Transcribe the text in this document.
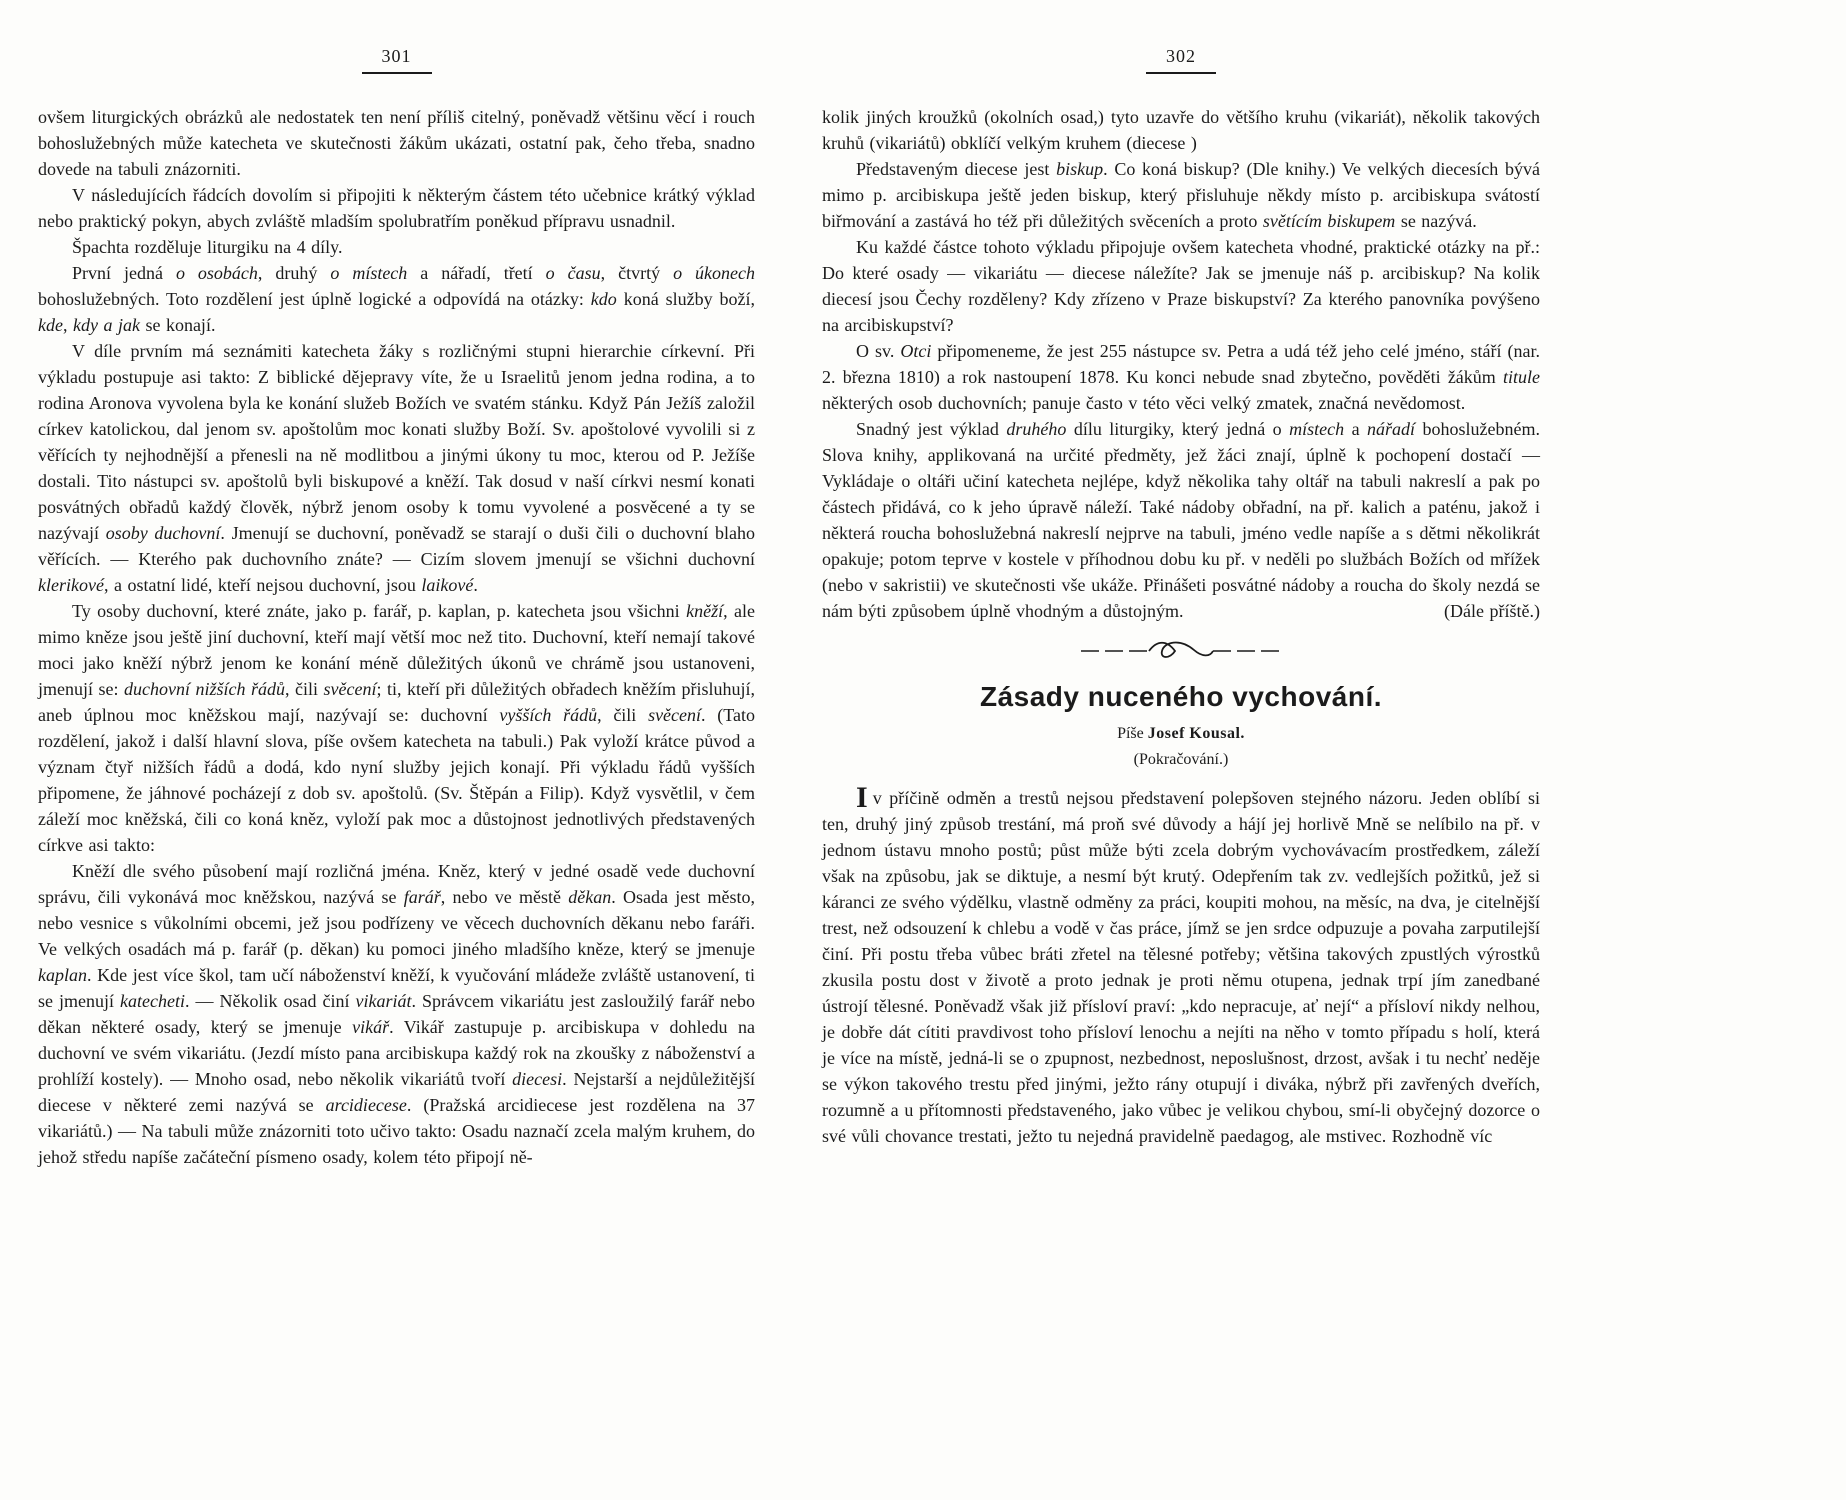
301

ovšem liturgických obrázků ale nedostatek ten není příliš citelný, poněvadž většinu věcí i rouch bohoslužebných může katecheta ve skutečnosti žákům ukázati, ostatní pak, čeho třeba, snadno dovede na tabuli znázorniti.

V následujících řádcích dovolím si připojiti k některým částem této učebnice krátký výklad nebo praktický pokyn, abych zvláště mladším spolubratřím poněkud přípravu usnadnil.

Špachta rozděluje liturgiku na 4 díly.

První jedná o osobách, druhý o místech a nářadí, třetí o času, čtvrtý o úkonech bohoslužebných. Toto rozdělení jest úplně logické a odpovídá na otázky: kdo koná služby boží, kde, kdy a jak se konají.

V díle prvním má seznámiti katecheta žáky s rozličnými stupni hierarchie církevní. Při výkladu postupuje asi takto: Z biblické dějepravy víte, že u Israelitů jenom jedna rodina, a to rodina Aronova vyvolena byla ke konání služeb Božích ve svatém stánku. Když Pán Ježíš založil církev katolickou, dal jenom sv. apoštolům moc konati služby Boží. Sv. apoštolové vyvolili si z věřících ty nejhodnější a přenesli na ně modlitbou a jinými úkony tu moc, kterou od P. Ježíše dostali. Tito nástupci sv. apoštolů byli biskupové a kněží. Tak dosud v naší církvi nesmí konati posvátných obřadů každý člověk, nýbrž jenom osoby k tomu vyvolené a posvěcené a ty se nazývají osoby duchovní. Jmenují se duchovní, poněvadž se starají o duši čili o duchovní blaho věřících. — Kterého pak duchovního znáte? — Cizím slovem jmenují se všichni duchovní klerikové, a ostatní lidé, kteří nejsou duchovní, jsou laikové.

Ty osoby duchovní, které znáte, jako p. farář, p. kaplan, p. katecheta jsou všichni kněží, ale mimo kněze jsou ještě jiní duchovní, kteří mají větší moc než tito. Duchovní, kteří nemají takové moci jako kněží nýbrž jenom ke konání méně důležitých úkonů ve chrámě jsou ustanoveni, jmenují se: duchovní nižších řádů, čili svěcení; ti, kteří při důležitých obřadech kněžím přisluhují, aneb úplnou moc kněžskou mají, nazývají se: duchovní vyšších řádů, čili svěcení. (Tato rozdělení, jakož i další hlavní slova, píše ovšem katecheta na tabuli.) Pak vyloží krátce původ a význam čtyř nižších řádů a dodá, kdo nyní služby jejich konají. Při výkladu řádů vyšších připomene, že jáhnové pocházejí z dob sv. apoštolů. (Sv. Štěpán a Filip). Když vysvětlil, v čem záleží moc kněžská, čili co koná kněz, vyloží pak moc a důstojnost jednotlivých představených církve asi takto:

Kněží dle svého působení mají rozličná jména. Kněz, který v jedné osadě vede duchovní správu, čili vykonává moc kněžskou, nazývá se farář, nebo ve městě děkan. Osada jest město, nebo vesnice s vůkolními obcemi, jež jsou podřízeny ve věcech duchovních děkanu nebo faráři. Ve velkých osadách má p. farář (p. děkan) ku pomoci jiného mladšího kněze, který se jmenuje kaplan. Kde jest více škol, tam učí náboženství kněží, k vyučování mládeže zvláště ustanovení, ti se jmenují katecheti. — Několik osad činí vikariát. Správcem vikariátu jest zasloužilý farář nebo děkan některé osady, který se jmenuje vikář. Vikář zastupuje p. arcibiskupa v dohledu na duchovní ve svém vikariátu. (Jezdí místo pana arcibiskupa každý rok na zkoušky z náboženství a prohlíží kostely). — Mnoho osad, nebo několik vikariátů tvoří diecesi. Nejstarší a nejdůležitější diecese v některé zemi nazývá se arcidiecese. (Pražská arcidiecese jest rozdělena na 37 vikariátů.) — Na tabuli může znázorniti toto učivo takto: Osadu naznačí zcela malým kruhem, do jehož středu napíše začáteční písmeno osady, kolem této připojí ně-

302

kolik jiných kroužků (okolních osad,) tyto uzavře do většího kruhu (vikariát), několik takových kruhů (vikariátů) obklíčí velkým kruhem (diecese )

Představeným diecese jest biskup. Co koná biskup? (Dle knihy.) Ve velkých diecesích bývá mimo p. arcibiskupa ještě jeden biskup, který přisluhuje někdy místo p. arcibiskupa svátostí biřmování a zastává ho též při důležitých svěceních a proto světícím biskupem se nazývá.

Ku každé částce tohoto výkladu připojuje ovšem katecheta vhodné, praktické otázky na př.: Do které osady — vikariátu — diecese náležíte? Jak se jmenuje náš p. arcibiskup? Na kolik diecesí jsou Čechy rozděleny? Kdy zřízeno v Praze biskupství? Za kterého panovníka povýšeno na arcibiskupství?

O sv. Otci připomeneme, že jest 255 nástupce sv. Petra a udá též jeho celé jméno, stáří (nar. 2. března 1810) a rok nastoupení 1878. Ku konci nebude snad zbytečno, pověděti žákům titule některých osob duchovních; panuje často v této věci velký zmatek, značná nevědomost.

Snadný jest výklad druhého dílu liturgiky, který jedná o místech a nářadí bohoslužebném. Slova knihy, applikovaná na určité předměty, jež žáci znají, úplně k pochopení dostačí — Vykládaje o oltáři učiní katecheta nejlépe, když několika tahy oltář na tabuli nakreslí a pak po částech přidává, co k jeho úpravě náleží. Také nádoby obřadní, na př. kalich a paténu, jakož i některá roucha bohoslužebná nakreslí nejprve na tabuli, jméno vedle napíše a s dětmi několikrát opakuje; potom teprve v kostele v příhodnou dobu ku př. v neděli po službách Božích od mřížek (nebo v sakristii) ve skutečnosti vše ukáže. Přinášeti posvátné nádoby a roucha do školy nezdá se nám býti způsobem úplně vhodným a důstojným.	(Dále příště.)

Zásady nuceného vychování.
Píše Josef Kousal.
(Pokračování.)

Iv příčině odměn a trestů nejsou představení polepšoven stejného názoru. Jeden oblíbí si ten, druhý jiný způsob trestání, má proň své důvody a hájí jej horlivě Mně se nelíbilo na př. v jednom ústavu mnoho postů; půst může býti zcela dobrým vychovávacím prostředkem, záleží však na způsobu, jak se diktuje, a nesmí být krutý. Odepřením tak zv. vedlejších požitků, jež si káranci ze svého výdělku, vlastně odměny za práci, koupiti mohou, na měsíc, na dva, je citelnější trest, než odsouzení k chlebu a vodě v čas práce, jímž se jen srdce odpuzuje a povaha zarputilejší činí. Při postu třeba vůbec bráti zřetel na tělesné potřeby; většina takových zpustlých výrostků zkusila postu dost v životě a proto jednak je proti němu otupena, jednak trpí jím zanedbané ústrojí tělesné. Poněvadž však již přísloví praví: „kdo nepracuje, ať nejí“ a přísloví nikdy nelhou, je dobře dát cítiti pravdivost toho přísloví lenochu a nejíti na něho v tomto případu s holí, která je více na místě, jedná-li se o zpupnost, nezbednost, neposlušnost, drzost, avšak i tu nechť neděje se výkon takového trestu před jinými, ježto rány otupují i diváka, nýbrž při zavřených dveřích, rozumně a u přítomnosti představeného, jako vůbec je velikou chybou, smí-li obyčejný dozorce o své vůli chovance trestati, ježto tu nejedná pravidelně paedagog, ale mstivec. Rozhodně víc
